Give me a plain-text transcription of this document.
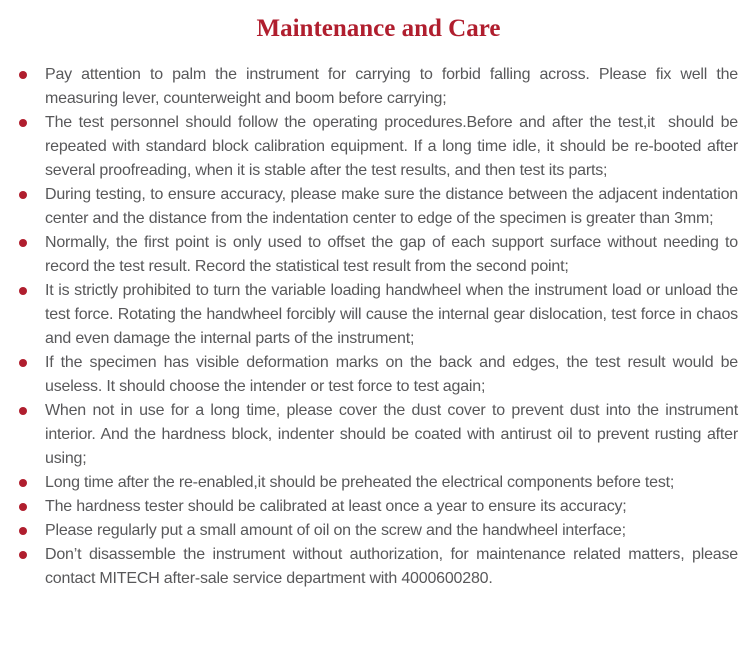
Maintenance and Care
Pay attention to palm the instrument for carrying to forbid falling across. Please fix well the measuring lever, counterweight and boom before carrying;
The test personnel should follow the operating procedures.Before and after the test,it  should be repeated with standard block calibration equipment. If a long time idle, it should be re-booted after several proofreading, when it is stable after the test results, and then test its parts;
During testing, to ensure accuracy, please make sure the distance between the adjacent indentation center and the distance from the indentation center to edge of the specimen is greater than 3mm;
Normally, the first point is only used to offset the gap of each support surface without needing to record the test result. Record the statistical test result from the second point;
It is strictly prohibited to turn the variable loading handwheel when the instrument load or unload the test force. Rotating the handwheel forcibly will cause the internal gear dislocation, test force in chaos and even damage the internal parts of the instrument;
If the specimen has visible deformation marks on the back and edges, the test result would be useless. It should choose the intender or test force to test again;
When not in use for a long time, please cover the dust cover to prevent dust into the instrument interior. And the hardness block, indenter should be coated with antirust oil to prevent rusting after using;
Long time after the re-enabled,it should be preheated the electrical components before test;
The hardness tester should be calibrated at least once a year to ensure its accuracy;
Please regularly put a small amount of oil on the screw and the handwheel interface;
Don’t disassemble the instrument without authorization, for maintenance related matters, please contact MITECH after-sale service department with 4000600280.
